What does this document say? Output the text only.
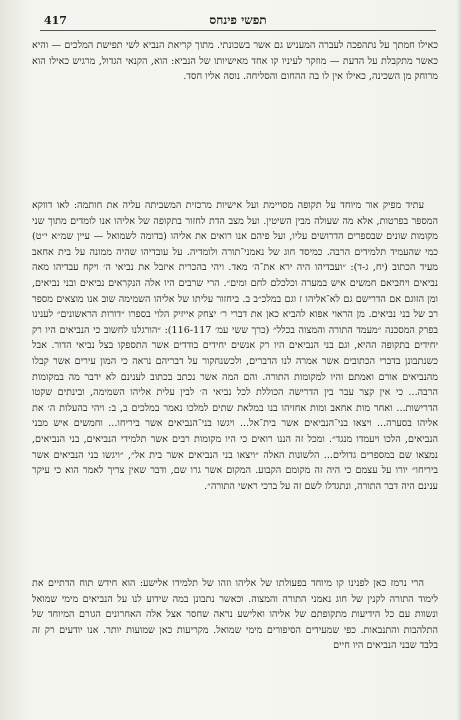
417	תפשי פינחס

כאילו חמתך על נתהפכה לעברה המעניש גם אשר בשכונתי. מתוך קריאת הנביא לשי תפישת המלכים — והיא כאשר מתקבלת על הדעת — מוזקר לעיניו קו אחד מאישיותו של הנביא: הוא, הקנאי הגדול, מרגיש כאילו הוא מרוחק מן השכינה, כאילו אין לו בה ההחום והסליחה. נוסה אליו חסד.

עתיד מפיק אור מיוחד על תקופה מסויימת ועל אישיות מרכזית המשביתה עליה את חותמה: לאו דווקא המספר בפרטות, אלא מה שעולה מבין השיטין. ועל מצב הדת לחזור בתקופה של אליהו אנו לומדים מתוך שני מקומות שונים שבספרים הדרושים עליו, ועל פיהם אנו רואים את אליהו (בדומה לשמואל — עיין שמ״א י״ט) כמי שהעמיד תלמידים הרבה. כמיסד חוג של נאמני־תורה ולומדיה. על עובדיהו שהיה ממונה על בית אחאב מעיד הכתוב (יח, ג-ד): ״ועבדיהו היה ירא את־ה׳ מאד. ויהי בהכרית איזבל את נביאי ה׳ ויקח עבדיהו מאה נביאים ויחביאם חמשים איש במערה וכלכלם לחם ומים״. הרי שרבים היו אלה הנקראים נביאים ובני נביאים, ומן הזוגם אם הדרישם גם לא־אליהו ז וגם במלכ״ב ב. ביחזור עליתו של אליהו השמימה שוב אנו מוצאים מספר רב של בני נביאים. מן הראוי אפוא להביא כאן את דברי ר׳ יצחק אייזיק הלוי בספרו ״דורות הראשונים״ לענינו בפרק המסכנה ״מעמד התורה והמצוה בכלל״ (כרך ששי עמ׳ 116-117): ״הורגלנו לחשוב כי הנביאים היו רק יחידים בתקופה ההיא, וגם בני הנביאים היו רק אנשים יחידים בודדים אשר התספקו בצל נביאי הדור. אבל כשנתבונן בדברי הכתובים אשר אמרה לנו הדברים, ולכשנחקור על דבריהם נראה כי המון עירים אשר קבלו מהנביאים אורם ואמתם והיו למקומות התורה. והם המה אשר נכתב בכתוב לענינם לא ידבר מה במקומות הרבה... כי אין קצר עבר בין הדרישה הכוללת לכל נביאי ה׳ לבין עלית אליהו השמימה, ובינתים שקטו הדרישות... ואחר מות אחאב ומות אחזיהו בנו במלאת שתים למלכו נאמר במלכים ב, ב: ויהי בהעלות ה׳ את אליהו בסערה... ויצאו בני־הנביאים אשר בית־אל... ויגשו בני־הנביאים אשר ביריחו... וחמשים איש מבני הנביאים, הלכו ויעמדו מנגד״. ומכל זה הננו רואים כי היו מקומות רבים אשר תלמידי הנביאים, בני הנביאים, נמצאו שם במספרים גדולים... הלשונות האלה ״ויצאו בני הנביאים אשר בית אל״, ״ויגשו בני הנביאים אשר ביריחו״ יורו על עצמם כי היה זה מקומם הקבוע. המקום אשר גרו שם, ודבר שאין צריך לאמר הוא כי עיקר ענינם היה דבר התורה, ונתגדלו לשם זה על ברכי ראשי התורה״.

הרי נרמז כאן לפנינו קו מיוחד בפעולתו של אליהו וזהו של תלמידו אלישע: הוא חידש תוח הדתיים את לימוד התורה לקנין של חוג נאמני התורה והמצוה. וכאשר נתבונן במה שידוע לנו על הנביאים מימי שמואל ונשוות עם כל הידיעות מתקופתם של אליהו ואלישע נראה שחסר אצל אלה האחרונים הגורם המיוחד של התלהבות והתנבאות. כפי שמעידים הסיפורים מימי שמואל. מקריעות כאן שמועות יותר. אנו יודעים רק זה בלבד שבני הנביאים היו חיים
